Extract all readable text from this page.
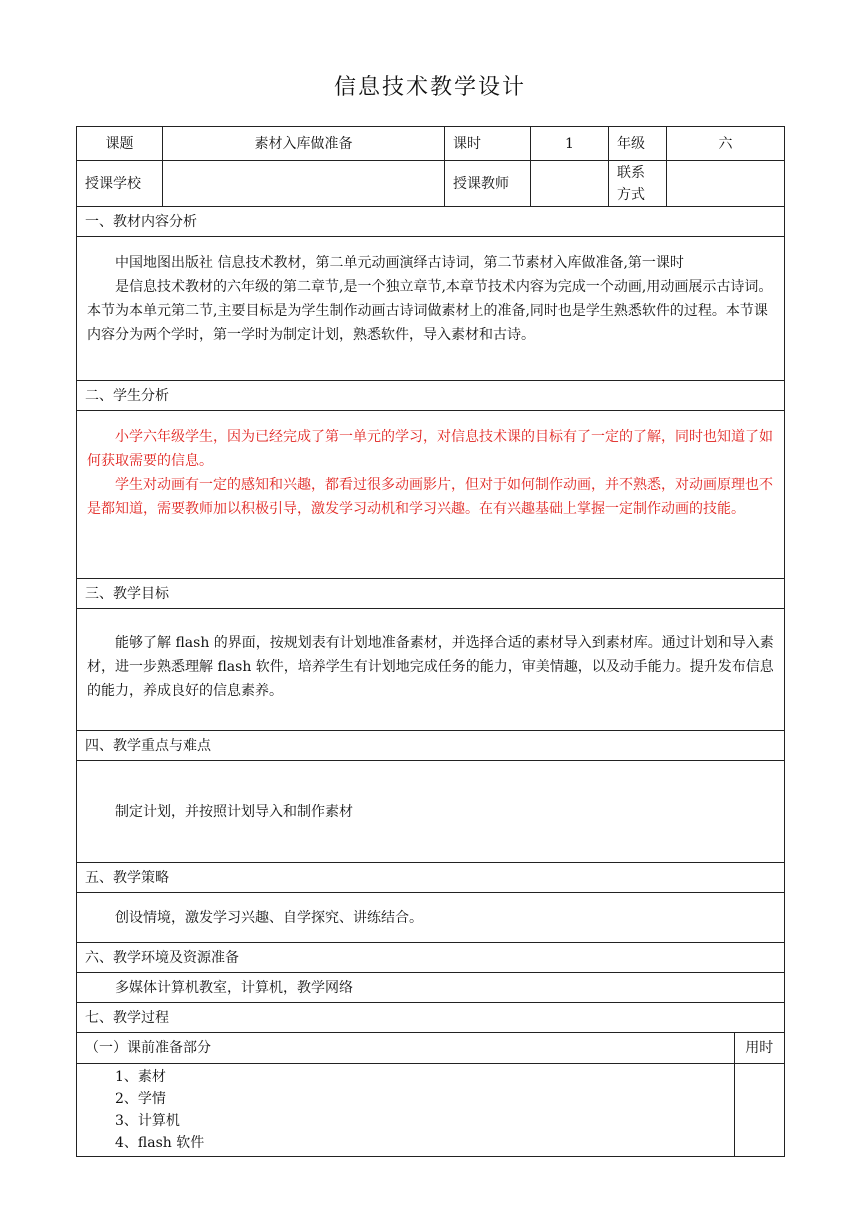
信息技术教学设计
课题	素材入库做准备	课时	1	年级	六
授课学校		授课教师		联系方式	
一、教材内容分析

中国地图出版社 信息技术教材，第二单元动画演绎古诗词，第二节素材入库做准备,第一课时

是信息技术教材的六年级的第二章节,是一个独立章节,本章节技术内容为完成一个动画,用动画展示古诗词。本节为本单元第二节,主要目标是为学生制作动画古诗词做素材上的准备,同时也是学生熟悉软件的过程。本节课内容分为两个学时，第一学时为制定计划，熟悉软件，导入素材和古诗。

二、学生分析

小学六年级学生，因为已经完成了第一单元的学习，对信息技术课的目标有了一定的了解，同时也知道了如何获取需要的信息。

学生对动画有一定的感知和兴趣，都看过很多动画影片，但对于如何制作动画，并不熟悉，对动画原理也不是都知道，需要教师加以积极引导，激发学习动机和学习兴趣。在有兴趣基础上掌握一定制作动画的技能。

三、教学目标

能够了解 flash 的界面，按规划表有计划地准备素材，并选择合适的素材导入到素材库。通过计划和导入素材，进一步熟悉理解 flash 软件，培养学生有计划地完成任务的能力，审美情趣，以及动手能力。提升发布信息的能力，养成良好的信息素养。

四、教学重点与难点

制定计划，并按照计划导入和制作素材

五、教学策略

创设情境，激发学习兴趣、自学探究、讲练结合。

六、教学环境及资源准备

多媒体计算机教室，计算机，教学网络

七、教学过程

（一）课前准备部分	用时

1、素材
2、学情
3、计算机
4、flash 软件
